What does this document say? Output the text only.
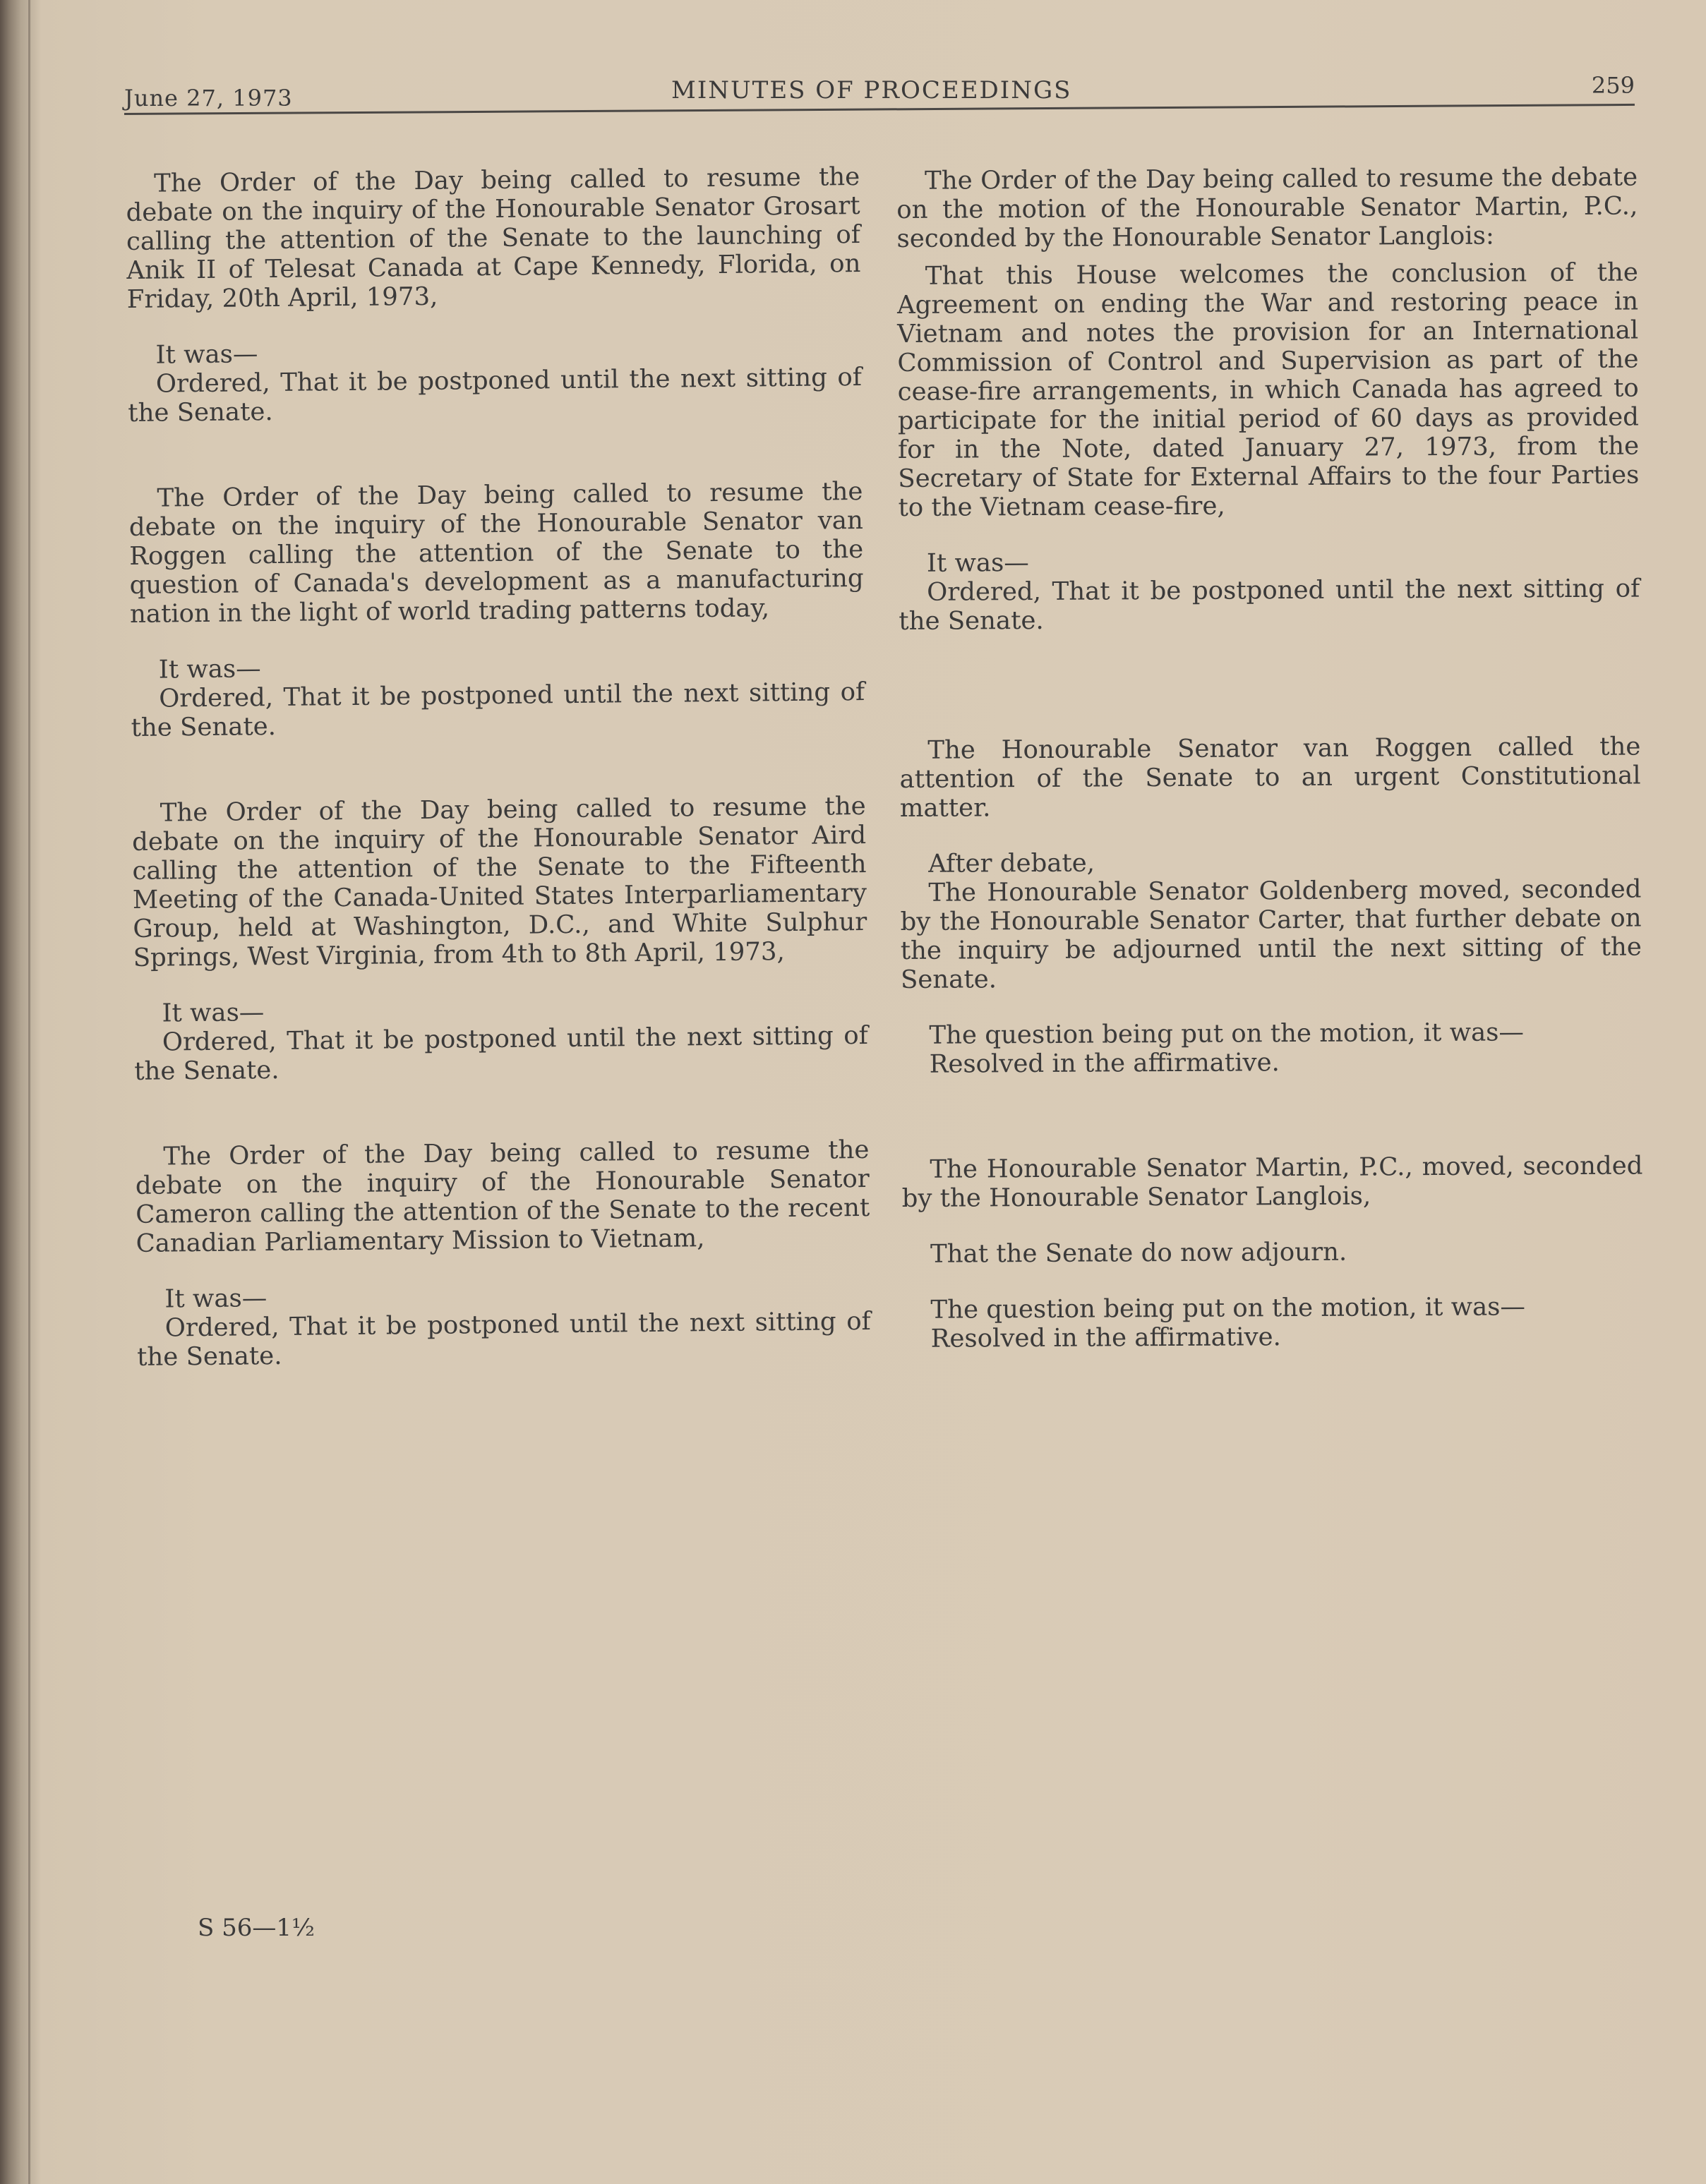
June 27, 1973	MINUTES OF PROCEEDINGS	259

The Order of the Day being called to resume the debate on the inquiry of the Honourable Senator Grosart calling the attention of the Senate to the launching of Anik II of Telesat Canada at Cape Kennedy, Florida, on Friday, 20th April, 1973,

It was—

Ordered, That it be postponed until the next sitting of the Senate.

The Order of the Day being called to resume the debate on the inquiry of the Honourable Senator van Roggen calling the attention of the Senate to the question of Canada's development as a manufacturing nation in the light of world trading patterns today,

It was—

Ordered, That it be postponed until the next sitting of the Senate.

The Order of the Day being called to resume the debate on the inquiry of the Honourable Senator Aird calling the attention of the Senate to the Fifteenth Meeting of the Canada-United States Interparliamentary Group, held at Washington, D.C., and White Sulphur Springs, West Virginia, from 4th to 8th April, 1973,

It was—

Ordered, That it be postponed until the next sitting of the Senate.

The Order of the Day being called to resume the debate on the inquiry of the Honourable Senator Cameron calling the attention of the Senate to the recent Canadian Parliamentary Mission to Vietnam,

It was—

Ordered, That it be postponed until the next sitting of the Senate.

The Order of the Day being called to resume the debate on the motion of the Honourable Senator Martin, P.C., seconded by the Honourable Senator Langlois:

That this House welcomes the conclusion of the Agreement on ending the War and restoring peace in Vietnam and notes the provision for an International Commission of Control and Supervision as part of the cease-fire arrangements, in which Canada has agreed to participate for the initial period of 60 days as provided for in the Note, dated January 27, 1973, from the Secretary of State for External Affairs to the four Parties to the Vietnam cease-fire,

It was—

Ordered, That it be postponed until the next sitting of the Senate.

The Honourable Senator van Roggen called the attention of the Senate to an urgent Constitutional matter.

After debate,

The Honourable Senator Goldenberg moved, seconded by the Honourable Senator Carter, that further debate on the inquiry be adjourned until the next sitting of the Senate.

The question being put on the motion, it was—

Resolved in the affirmative.

The Honourable Senator Martin, P.C., moved, seconded by the Honourable Senator Langlois,

That the Senate do now adjourn.

The question being put on the motion, it was—

Resolved in the affirmative.

S 56—1½
